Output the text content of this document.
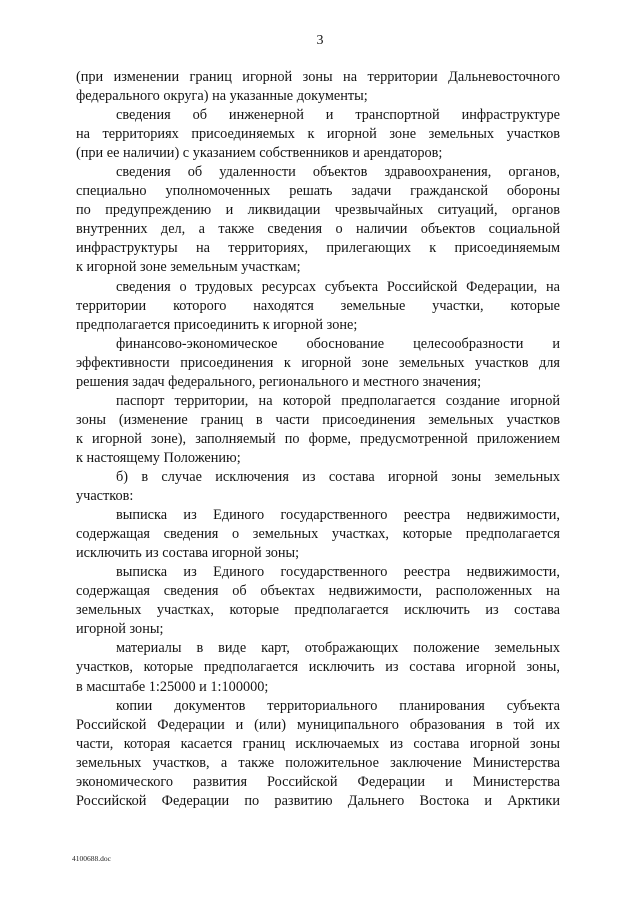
3
(при изменении границ игорной зоны на территории Дальневосточного
федерального округа) на указанные документы;
сведения об инженерной и транспортной инфраструктуре
на территориях присоединяемых к игорной зоне земельных участков
(при ее наличии) с указанием собственников и арендаторов;
сведения об удаленности объектов здравоохранения, органов,
специально уполномоченных решать задачи гражданской обороны
по предупреждению и ликвидации чрезвычайных ситуаций, органов
внутренних дел, а также сведения о наличии объектов социальной
инфраструктуры на территориях, прилегающих к присоединяемым
к игорной зоне земельным участкам;
сведения о трудовых ресурсах субъекта Российской Федерации, на
территории которого находятся земельные участки, которые
предполагается присоединить к игорной зоне;
финансово-экономическое обоснование целесообразности и
эффективности присоединения к игорной зоне земельных участков для
решения задач федерального, регионального и местного значения;
паспорт территории, на которой предполагается создание игорной
зоны (изменение границ в части присоединения земельных участков
к игорной зоне), заполняемый по форме, предусмотренной приложением
к настоящему Положению;
б) в случае исключения из состава игорной зоны земельных
участков:
выписка из Единого государственного реестра недвижимости,
содержащая сведения о земельных участках, которые предполагается
исключить из состава игорной зоны;
выписка из Единого государственного реестра недвижимости,
содержащая сведения об объектах недвижимости, расположенных на
земельных участках, которые предполагается исключить из состава
игорной зоны;
материалы в виде карт, отображающих положение земельных
участков, которые предполагается исключить из состава игорной зоны,
в масштабе 1:25000 и 1:100000;
копии документов территориального планирования субъекта
Российской Федерации и (или) муниципального образования в той их
части, которая касается границ исключаемых из состава игорной зоны
земельных участков, а также положительное заключение Министерства
экономического развития Российской Федерации и Министерства
Российской Федерации по развитию Дальнего Востока и Арктики
4100688.doc
